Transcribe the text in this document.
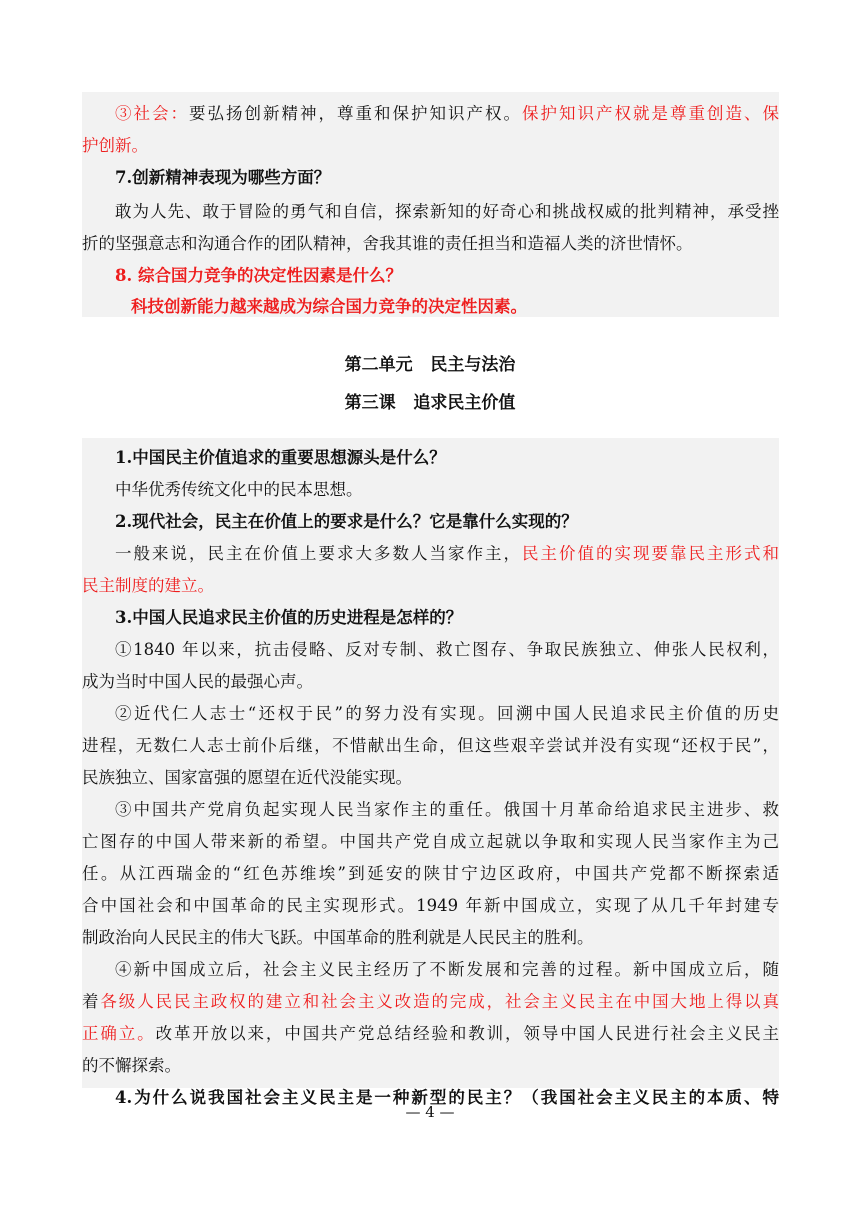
③社会：要弘扬创新精神，尊重和保护知识产权。保护知识产权就是尊重创造、保
护创新。
7.创新精神表现为哪些方面？
敢为人先、敢于冒险的勇气和自信，探索新知的好奇心和挑战权威的批判精神，承受挫
折的坚强意志和沟通合作的团队精神，舍我其谁的责任担当和造福人类的济世情怀。
8. 综合国力竞争的决定性因素是什么？
科技创新能力越来越成为综合国力竞争的决定性因素。
第二单元   民主与法治
第三课   追求民主价值
1.中国民主价值追求的重要思想源头是什么？
中华优秀传统文化中的民本思想。
2.现代社会，民主在价值上的要求是什么？它是靠什么实现的？
一般来说，民主在价值上要求大多数人当家作主，民主价值的实现要靠民主形式和
民主制度的建立。
3.中国人民追求民主价值的历史进程是怎样的？
①1840 年以来，抗击侵略、反对专制、救亡图存、争取民族独立、伸张人民权利，
成为当时中国人民的最强心声。
②近代仁人志士“还权于民”的努力没有实现。回溯中国人民追求民主价值的历史
进程，无数仁人志士前仆后继，不惜献出生命，但这些艰辛尝试并没有实现“还权于民”，
民族独立、国家富强的愿望在近代没能实现。
③中国共产党肩负起实现人民当家作主的重任。俄国十月革命给追求民主进步、救
亡图存的中国人带来新的希望。中国共产党自成立起就以争取和实现人民当家作主为己
任。从江西瑞金的“红色苏维埃”到延安的陕甘宁边区政府，中国共产党都不断探索适
合中国社会和中国革命的民主实现形式。1949 年新中国成立，实现了从几千年封建专
制政治向人民民主的伟大飞跃。中国革命的胜利就是人民民主的胜利。
④新中国成立后，社会主义民主经历了不断发展和完善的过程。新中国成立后，随
着各级人民民主政权的建立和社会主义改造的完成，社会主义民主在中国大地上得以真
正确立。改革开放以来，中国共产党总结经验和教训，领导中国人民进行社会主义民主
的不懈探索。
4.为什么说我国社会主义民主是一种新型的民主？（我国社会主义民主的本质、特
— 4 —
